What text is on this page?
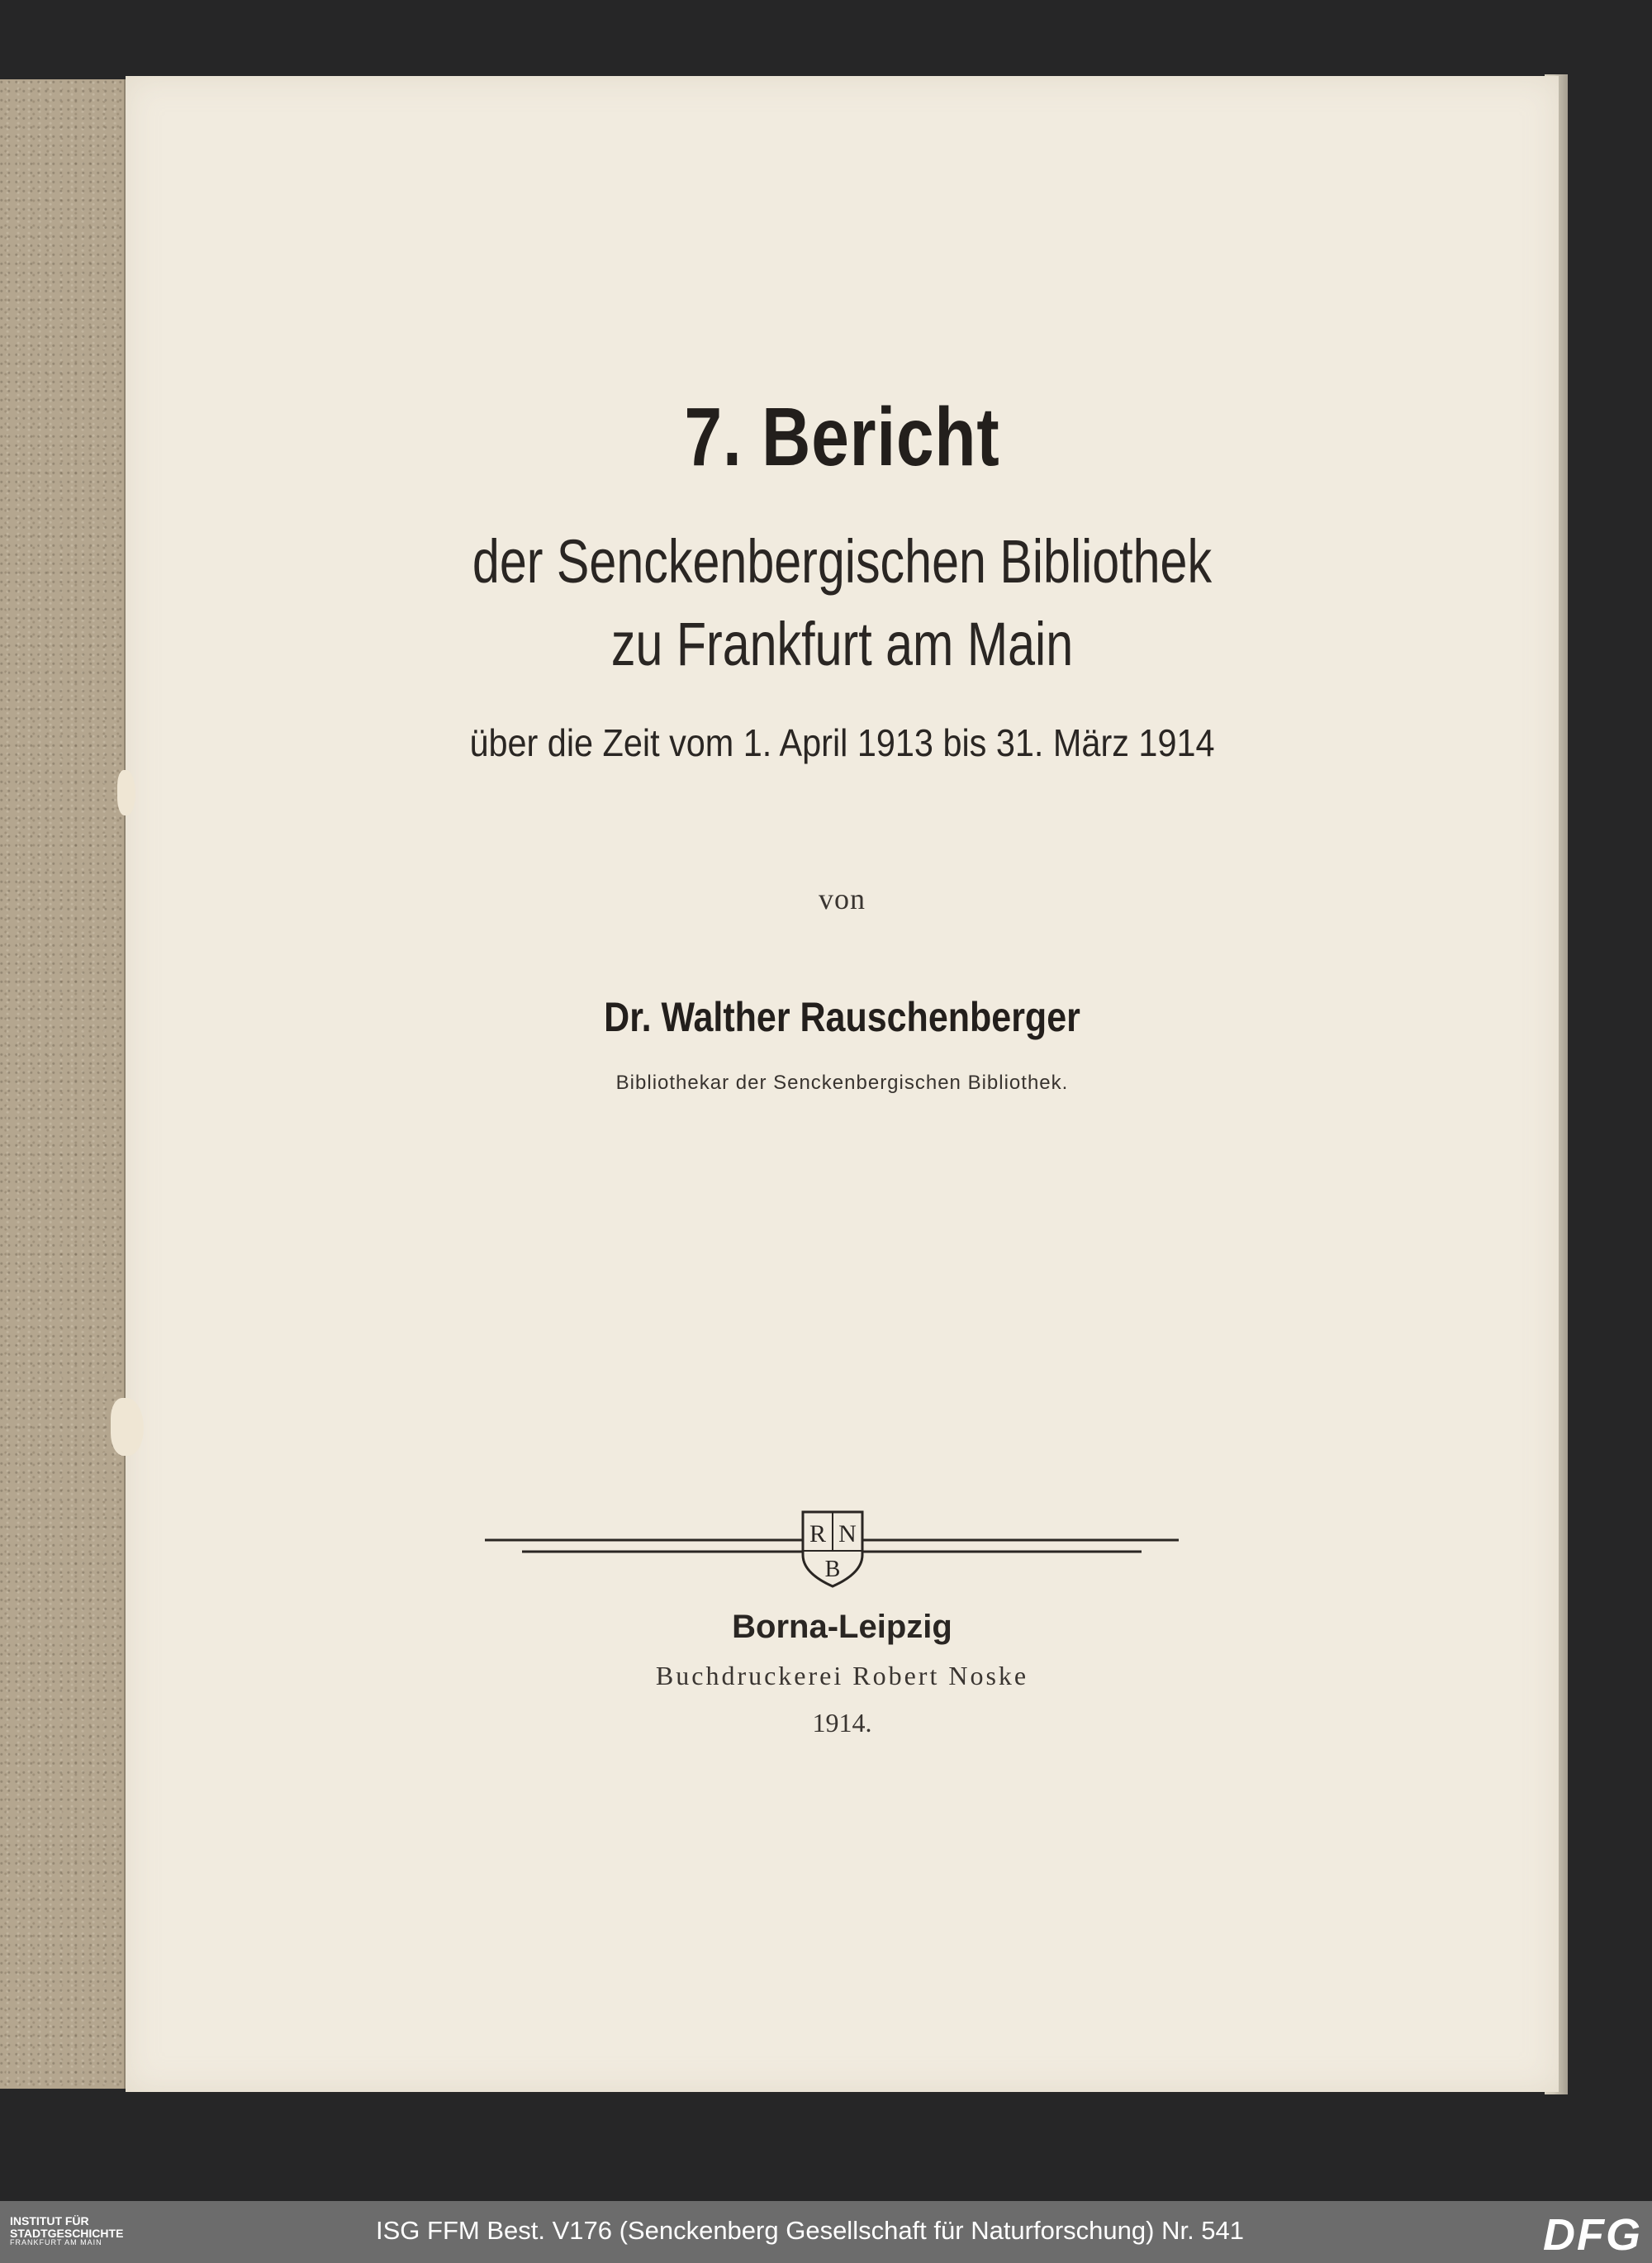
7. Bericht
der Senckenbergischen Bibliothek
zu Frankfurt am Main
über die Zeit vom 1. April 1913 bis 31. März 1914
von
Dr. Walther Rauschenberger
Bibliothekar der Senckenbergischen Bibliothek.
R N
B
Borna-Leipzig
Buchdruckerei Robert Noske
1914.
INSTITUT FÜR
STADTGESCHICHTE
FRANKFURT AM MAIN	ISG FFM Best. V176 (Senckenberg Gesellschaft für Naturforschung) Nr. 541	DFG
